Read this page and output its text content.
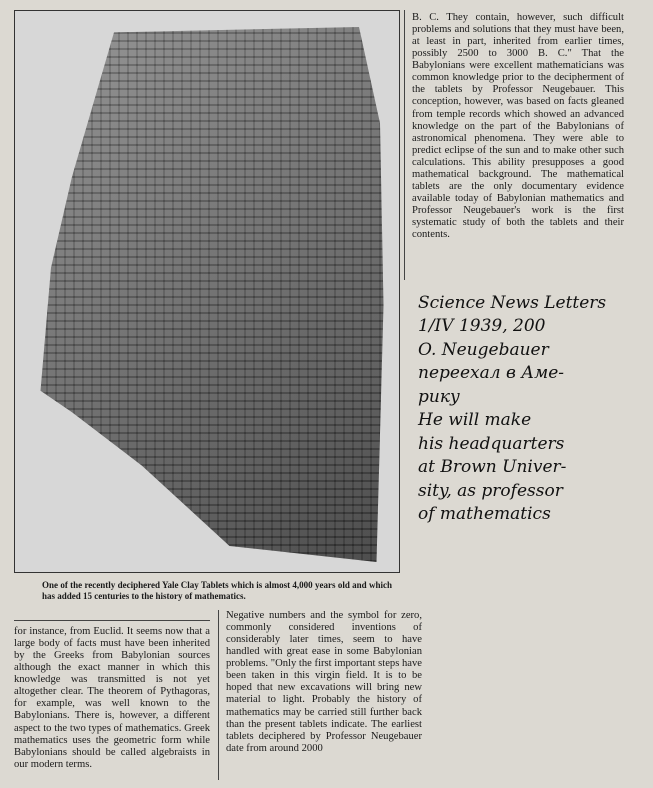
One of the recently deciphered Yale Clay Tablets which is almost 4,000 years old and which has added 15 centuries to the history of mathematics.

B. C. They contain, however, such difficult problems and solutions that they must have been, at least in part, inherited from earlier times, possibly 2500 to 3000 B. C." That the Babylonians were excellent mathematicians was common knowledge prior to the decipherment of the tablets by Professor Neugebauer. This conception, however, was based on facts gleaned from temple records which showed an advanced knowledge on the part of the Babylonians of astronomical phenomena. They were able to predict eclipse of the sun and to make other such calculations. This ability presupposes a good mathematical background. The mathematical tablets are the only documentary evidence available today of Babylonian mathematics and Professor Neugebauer's work is the first systematic study of both the tablets and their contents.

Science News Letters
1/IV 1939, 200
O. Neugebauer
переехал в Аме-
рику
He will make
his headquarters
at Brown Univer-
sity, as professor
of mathematics

for instance, from Euclid. It seems now that a large body of facts must have been inherited by the Greeks from Babylonian sources although the exact manner in which this knowledge was transmitted is not yet altogether clear. The theorem of Pythagoras, for example, was well known to the Babylonians. There is, however, a different aspect to the two types of mathematics. Greek mathematics uses the geometric form while Babylonians should be called algebraists in our modern terms.

Negative numbers and the symbol for zero, commonly considered inventions of considerably later times, seem to have handled with great ease in some Babylonian problems. "Only the first important steps have been taken in this virgin field. It is to be hoped that new excavations will bring new material to light. Probably the history of mathematics may be carried still further back than the present tablets indicate. The earliest tablets deciphered by Professor Neugebauer date from around 2000
